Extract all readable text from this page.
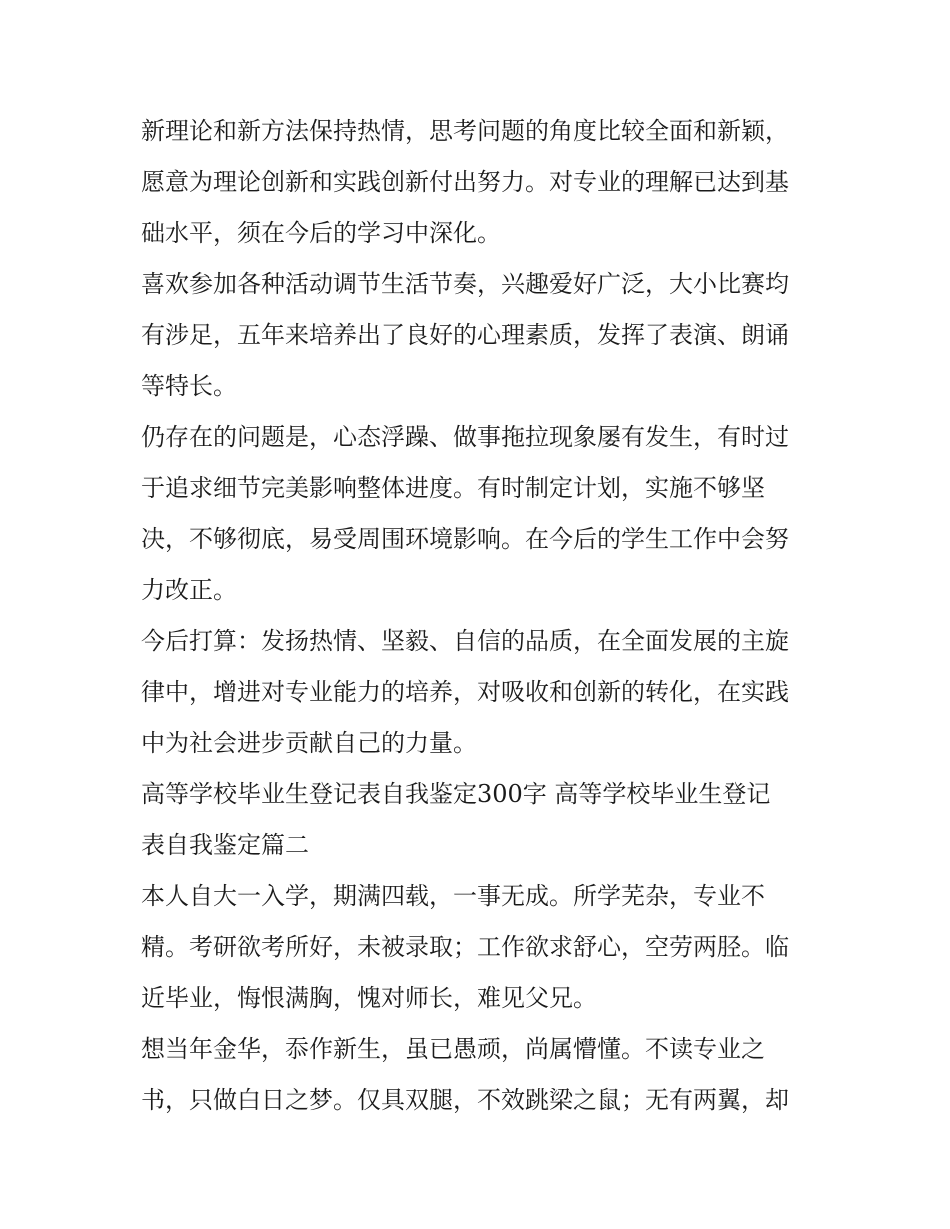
新理论和新方法保持热情，思考问题的角度比较全面和新颖，
愿意为理论创新和实践创新付出努力。对专业的理解已达到基
础水平，须在今后的学习中深化。
喜欢参加各种活动调节生活节奏，兴趣爱好广泛，大小比赛均
有涉足，五年来培养出了良好的心理素质，发挥了表演、朗诵
等特长。
仍存在的问题是，心态浮躁、做事拖拉现象屡有发生，有时过
于追求细节完美影响整体进度。有时制定计划，实施不够坚
决，不够彻底，易受周围环境影响。在今后的学生工作中会努
力改正。
今后打算：发扬热情、坚毅、自信的品质，在全面发展的主旋
律中，增进对专业能力的培养，对吸收和创新的转化，在实践
中为社会进步贡献自己的力量。
高等学校毕业生登记表自我鉴定300字 高等学校毕业生登记
表自我鉴定篇二
本人自大一入学，期满四载，一事无成。所学芜杂，专业不
精。考研欲考所好，未被录取；工作欲求舒心，空劳两胫。临
近毕业，悔恨满胸，愧对师长，难见父兄。
想当年金华，忝作新生，虽已愚顽，尚属懵懂。不读专业之
书，只做白日之梦。仅具双腿，不效跳梁之鼠；无有两翼，却
